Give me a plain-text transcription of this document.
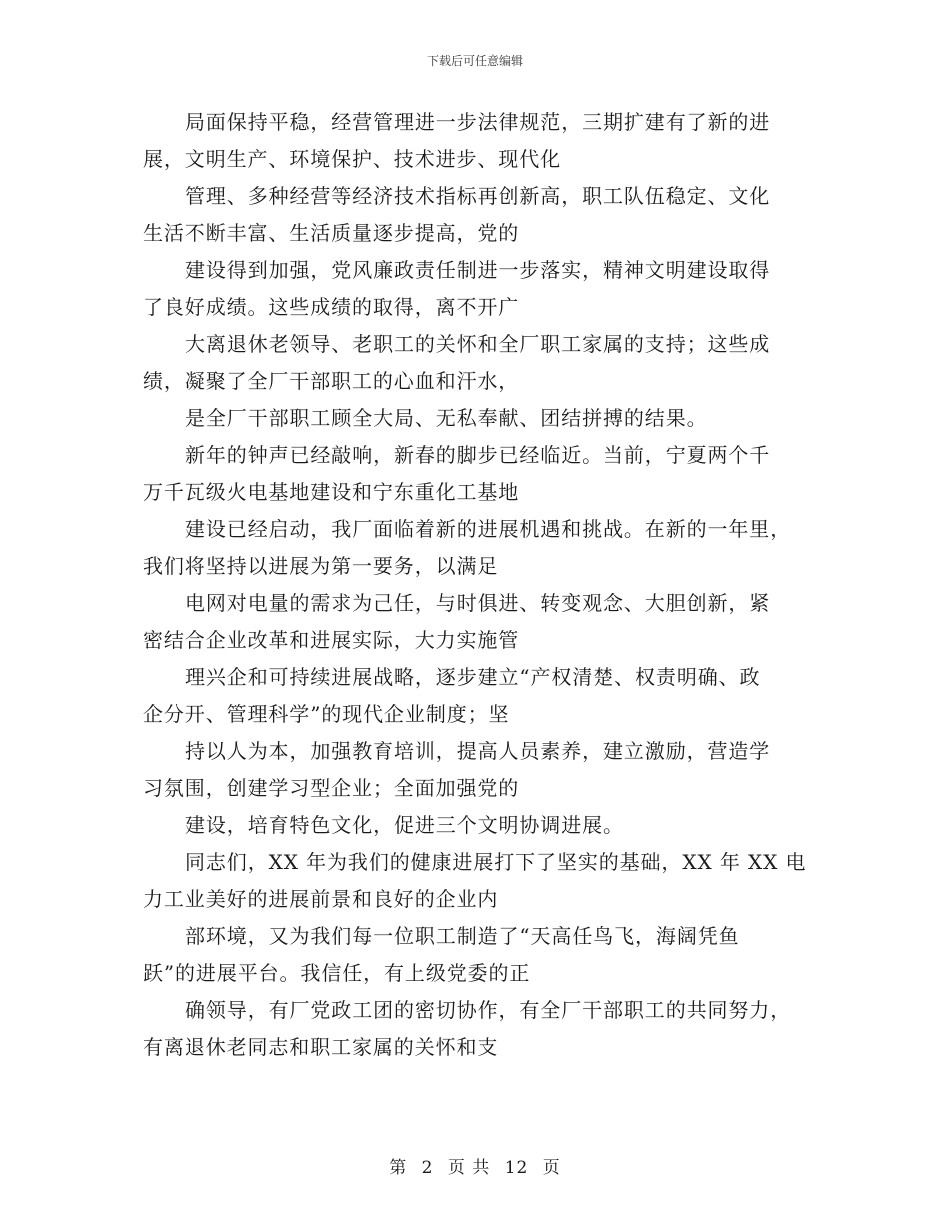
下载后可任意编辑

局面保持平稳，经营管理进一步法律规范，三期扩建有了新的进
展，文明生产、环境保护、技术进步、现代化

管理、多种经营等经济技术指标再创新高，职工队伍稳定、文化
生活不断丰富、生活质量逐步提高，党的

建设得到加强，党风廉政责任制进一步落实，精神文明建设取得
了良好成绩。这些成绩的取得，离不开广

大离退休老领导、老职工的关怀和全厂职工家属的支持；这些成
绩，凝聚了全厂干部职工的心血和汗水，

是全厂干部职工顾全大局、无私奉献、团结拼搏的结果。

新年的钟声已经敲响，新春的脚步已经临近。当前，宁夏两个千
万千瓦级火电基地建设和宁东重化工基地

建设已经启动，我厂面临着新的进展机遇和挑战。在新的一年里，
我们将坚持以进展为第一要务，以满足

电网对电量的需求为己任，与时俱进、转变观念、大胆创新，紧
密结合企业改革和进展实际，大力实施管

理兴企和可持续进展战略，逐步建立“产权清楚、权责明确、政
企分开、管理科学”的现代企业制度；坚

持以人为本，加强教育培训，提高人员素养，建立激励，营造学
习氛围，创建学习型企业；全面加强党的

建设，培育特色文化，促进三个文明协调进展。

同志们，XX 年为我们的健康进展打下了坚实的基础，XX 年 XX 电
力工业美好的进展前景和良好的企业内

部环境，又为我们每一位职工制造了“天高任鸟飞，海阔凭鱼
跃”的进展平台。我信任，有上级党委的正

确领导，有厂党政工团的密切协作，有全厂干部职工的共同努力，
有离退休老同志和职工家属的关怀和支

第 2 页 共 12 页
